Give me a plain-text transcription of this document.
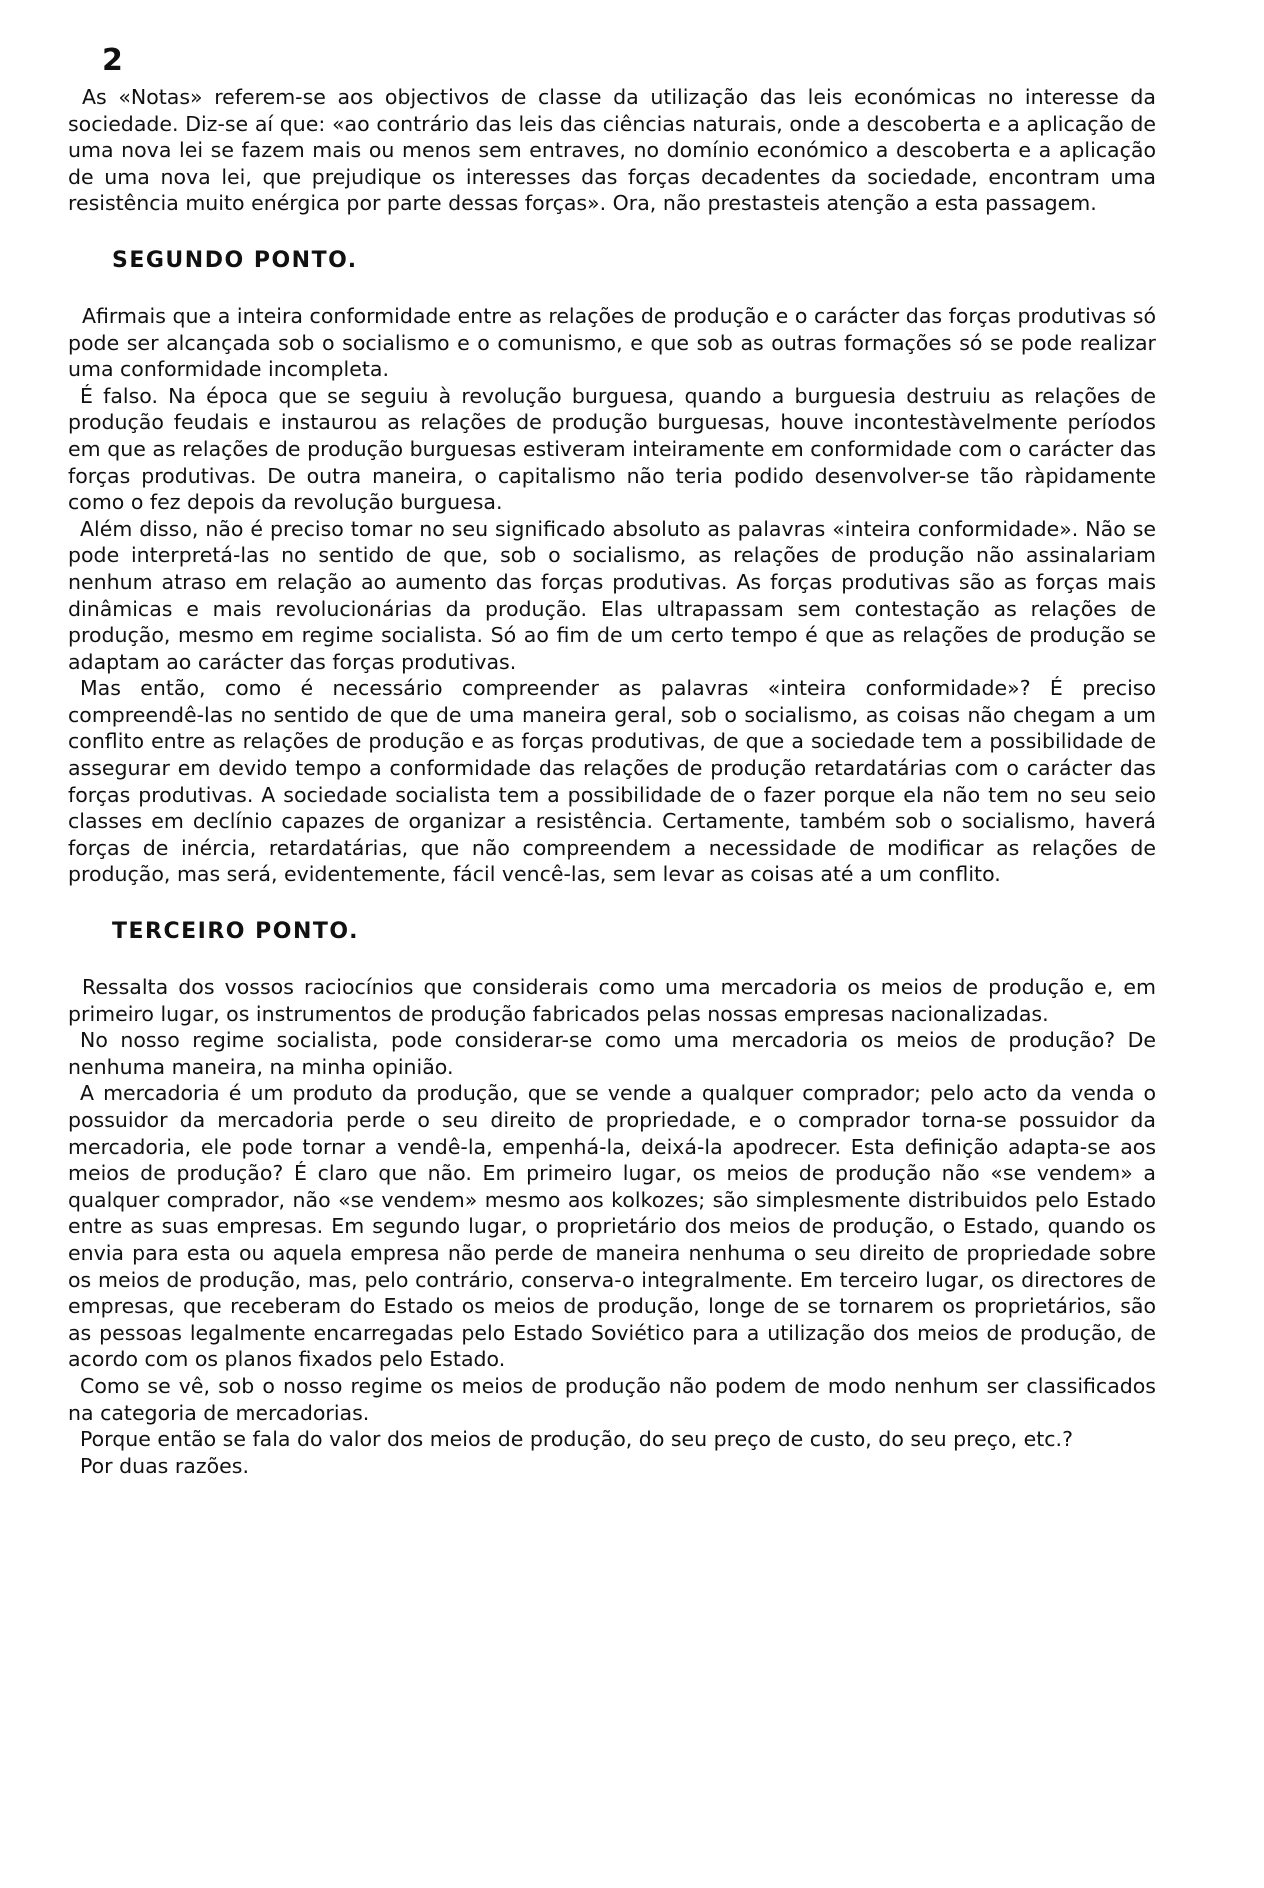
2

As «Notas» referem-se aos objectivos de classe da utilização das leis económicas no interesse da sociedade. Diz-se aí que: «ao contrário das leis das ciências naturais, onde a descoberta e a aplicação de uma nova lei se fazem mais ou menos sem entraves, no domínio económico a descoberta e a aplicação de uma nova lei, que prejudique os interesses das forças decadentes da sociedade, encontram uma resistência muito enérgica por parte dessas forças». Ora, não prestasteis atenção a esta passagem.

SEGUNDO PONTO.

Afirmais que a inteira conformidade entre as relações de produção e o carácter das forças produtivas só pode ser alcançada sob o socialismo e o comunismo, e que sob as outras formações só se pode realizar uma conformidade incompleta.

É falso. Na época que se seguiu à revolução burguesa, quando a burguesia destruiu as relações de produção feudais e instaurou as relações de produção burguesas, houve incontestàvelmente períodos em que as relações de produção burguesas estiveram inteiramente em conformidade com o carácter das forças produtivas. De outra maneira, o capitalismo não teria podido desenvolver-se tão ràpidamente como o fez depois da revolução burguesa.

Além disso, não é preciso tomar no seu significado absoluto as palavras «inteira conformidade». Não se pode interpretá-las no sentido de que, sob o socialismo, as relações de produção não assinalariam nenhum atraso em relação ao aumento das forças produtivas. As forças produtivas são as forças mais dinâmicas e mais revolucionárias da produção. Elas ultrapassam sem contestação as relações de produção, mesmo em regime socialista. Só ao fim de um certo tempo é que as relações de produção se adaptam ao carácter das forças produtivas.

Mas então, como é necessário compreender as palavras «inteira conformidade»? É preciso compreendê-las no sentido de que de uma maneira geral, sob o socialismo, as coisas não chegam a um conflito entre as relações de produção e as forças produtivas, de que a sociedade tem a possibilidade de assegurar em devido tempo a conformidade das relações de produção retardatárias com o carácter das forças produtivas. A sociedade socialista tem a possibilidade de o fazer porque ela não tem no seu seio classes em declínio capazes de organizar a resistência. Certamente, também sob o socialismo, haverá forças de inércia, retardatárias, que não compreendem a necessidade de modificar as relações de produção, mas será, evidentemente, fácil vencê-las, sem levar as coisas até a um conflito.

TERCEIRO PONTO.

Ressalta dos vossos raciocínios que considerais como uma mercadoria os meios de produção e, em primeiro lugar, os instrumentos de produção fabricados pelas nossas empresas nacionalizadas.

No nosso regime socialista, pode considerar-se como uma mercadoria os meios de produção? De nenhuma maneira, na minha opinião.

A mercadoria é um produto da produção, que se vende a qualquer comprador; pelo acto da venda o possuidor da mercadoria perde o seu direito de propriedade, e o comprador torna-se possuidor da mercadoria, ele pode tornar a vendê-la, empenhá-la, deixá-la apodrecer. Esta definição adapta-se aos meios de produção? É claro que não. Em primeiro lugar, os meios de produção não «se vendem» a qualquer comprador, não «se vendem» mesmo aos kolkozes; são simplesmente distribuidos pelo Estado entre as suas empresas. Em segundo lugar, o proprietário dos meios de produção, o Estado, quando os envia para esta ou aquela empresa não perde de maneira nenhuma o seu direito de propriedade sobre os meios de produção, mas, pelo contrário, conserva-o integralmente. Em terceiro lugar, os directores de empresas, que receberam do Estado os meios de produção, longe de se tornarem os proprietários, são as pessoas legalmente encarregadas pelo Estado Soviético para a utilização dos meios de produção, de acordo com os planos fixados pelo Estado.

Como se vê, sob o nosso regime os meios de produção não podem de modo nenhum ser classificados na categoria de mercadorias.

Porque então se fala do valor dos meios de produção, do seu preço de custo, do seu preço, etc.?

Por duas razões.
